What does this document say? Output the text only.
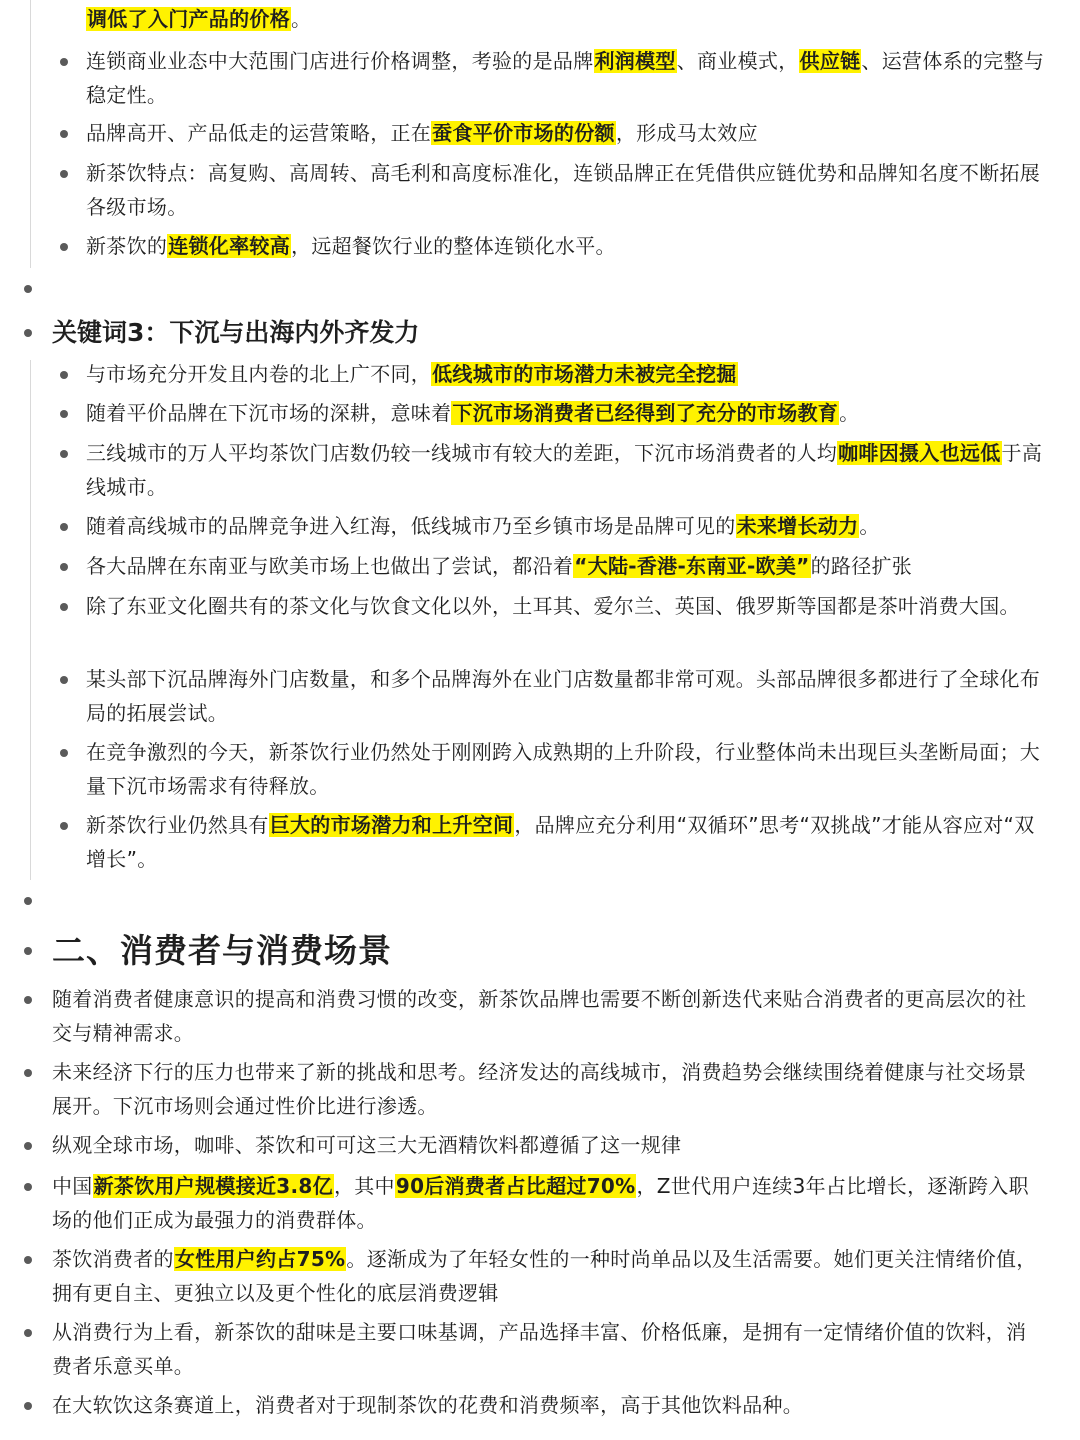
调低了入门产品的价格。
连锁商业业态中大范围门店进行价格调整，考验的是品牌利润模型、商业模式，供应链、运营体系的完整与稳定性。
品牌高开、产品低走的运营策略，正在蚕食平价市场的份额，形成马太效应
新茶饮特点：高复购、高周转、高毛利和高度标准化，连锁品牌正在凭借供应链优势和品牌知名度不断拓展各级市场。
新茶饮的连锁化率较高，远超餐饮行业的整体连锁化水平。
关键词3：下沉与出海内外齐发力
与市场充分开发且内卷的北上广不同，低线城市的市场潜力未被完全挖掘
随着平价品牌在下沉市场的深耕，意味着下沉市场消费者已经得到了充分的市场教育。
三线城市的万人平均茶饮门店数仍较一线城市有较大的差距，下沉市场消费者的人均咖啡因摄入也远低于高线城市。
随着高线城市的品牌竞争进入红海，低线城市乃至乡镇市场是品牌可见的未来增长动力。
各大品牌在东南亚与欧美市场上也做出了尝试，都沿着“大陆-香港-东南亚-欧美”的路径扩张
除了东亚文化圈共有的茶文化与饮食文化以外，土耳其、爱尔兰、英国、俄罗斯等国都是茶叶消费大国。
某头部下沉品牌海外门店数量，和多个品牌海外在业门店数量都非常可观。头部品牌很多都进行了全球化布局的拓展尝试。
在竞争激烈的今天，新茶饮行业仍然处于刚刚跨入成熟期的上升阶段，行业整体尚未出现巨头垄断局面；大量下沉市场需求有待释放。
新茶饮行业仍然具有巨大的市场潜力和上升空间，品牌应充分利用“双循环”思考“双挑战”才能从容应对“双增长”。
二、消费者与消费场景
随着消费者健康意识的提高和消费习惯的改变，新茶饮品牌也需要不断创新迭代来贴合消费者的更高层次的社交与精神需求。
未来经济下行的压力也带来了新的挑战和思考。经济发达的高线城市，消费趋势会继续围绕着健康与社交场景展开。下沉市场则会通过性价比进行渗透。
纵观全球市场，咖啡、茶饮和可可这三大无酒精饮料都遵循了这一规律
中国新茶饮用户规模接近3.8亿，其中90后消费者占比超过70%，Z世代用户连续3年占比增长，逐渐跨入职场的他们正成为最强力的消费群体。
茶饮消费者的女性用户约占75%。逐渐成为了年轻女性的一种时尚单品以及生活需要。她们更关注情绪价值，拥有更自主、更独立以及更个性化的底层消费逻辑
从消费行为上看，新茶饮的甜味是主要口味基调，产品选择丰富、价格低廉，是拥有一定情绪价值的饮料，消费者乐意买单。
在大软饮这条赛道上，消费者对于现制茶饮的花费和消费频率，高于其他饮料品种。
